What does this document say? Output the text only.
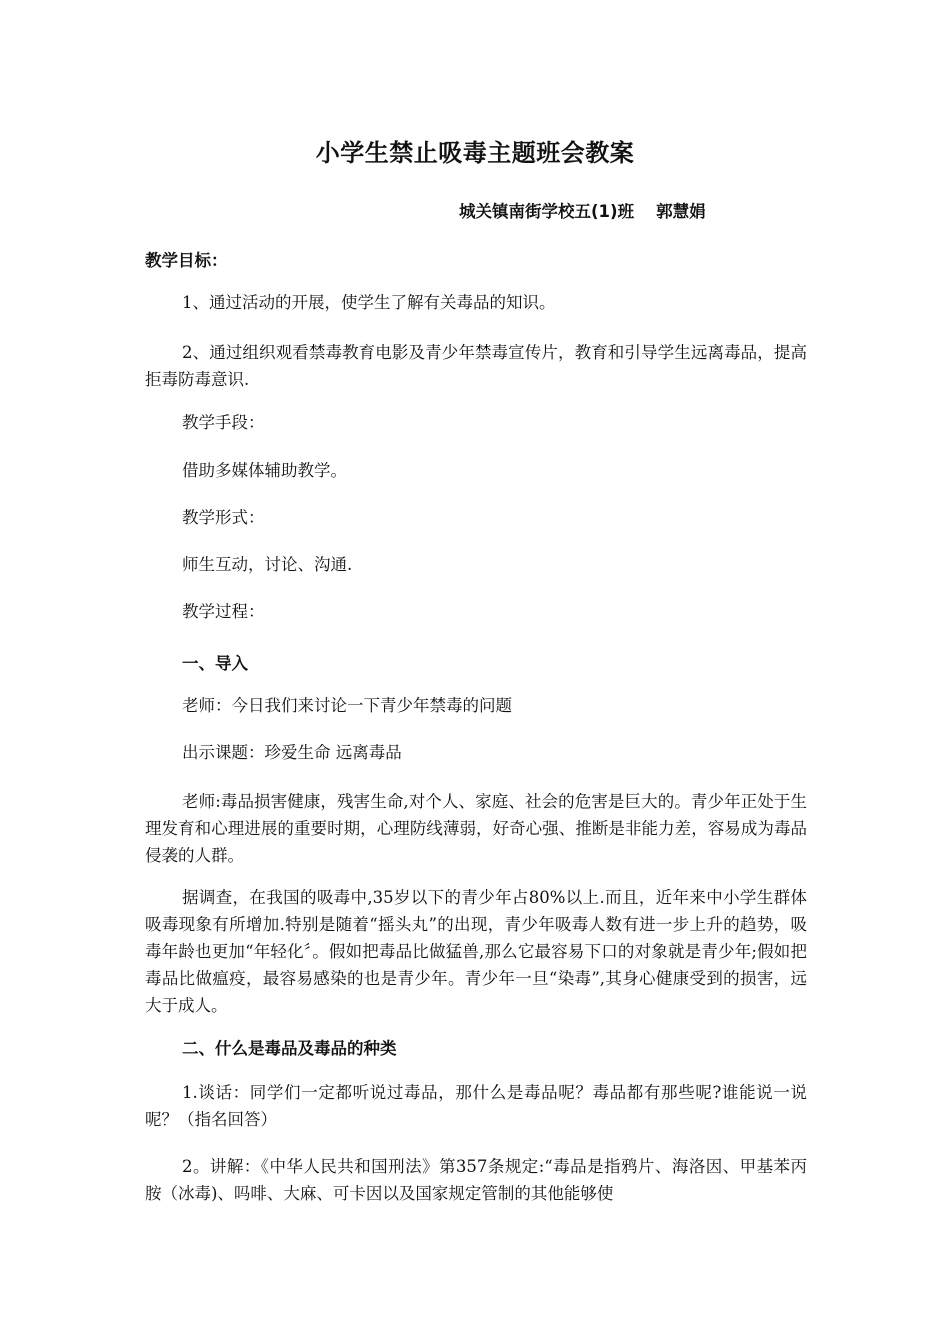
小学生禁止吸毒主题班会教案
城关镇南街学校五(1)班 郭慧娟
教学目标：
1、通过活动的开展，使学生了解有关毒品的知识。
2、通过组织观看禁毒教育电影及青少年禁毒宣传片，教育和引导学生远离毒品，提高拒毒防毒意识.
教学手段：
借助多媒体辅助教学。
教学形式：
师生互动，讨论、沟通.
教学过程：
一、导入
老师：今日我们来讨论一下青少年禁毒的问题
出示课题：珍爱生命 远离毒品
老师:毒品损害健康，残害生命,对个人、家庭、社会的危害是巨大的。青少年正处于生理发育和心理进展的重要时期，心理防线薄弱，好奇心强、推断是非能力差，容易成为毒品侵袭的人群。
据调查，在我国的吸毒中,35岁以下的青少年占80%以上.而且，近年来中小学生群体吸毒现象有所增加.特别是随着“摇头丸”的出现，青少年吸毒人数有进一步上升的趋势，吸毒年龄也更加“年轻化〞。假如把毒品比做猛兽,那么它最容易下口的对象就是青少年;假如把毒品比做瘟疫，最容易感染的也是青少年。青少年一旦“染毒”,其身心健康受到的损害，远大于成人。
二、什么是毒品及毒品的种类
1.谈话：同学们一定都听说过毒品，那什么是毒品呢？毒品都有那些呢?谁能说一说呢？（指名回答）
2。讲解：《中华人民共和国刑法》第357条规定:“毒品是指鸦片、海洛因、甲基苯丙胺（冰毒)、吗啡、大麻、可卡因以及国家规定管制的其他能够使
